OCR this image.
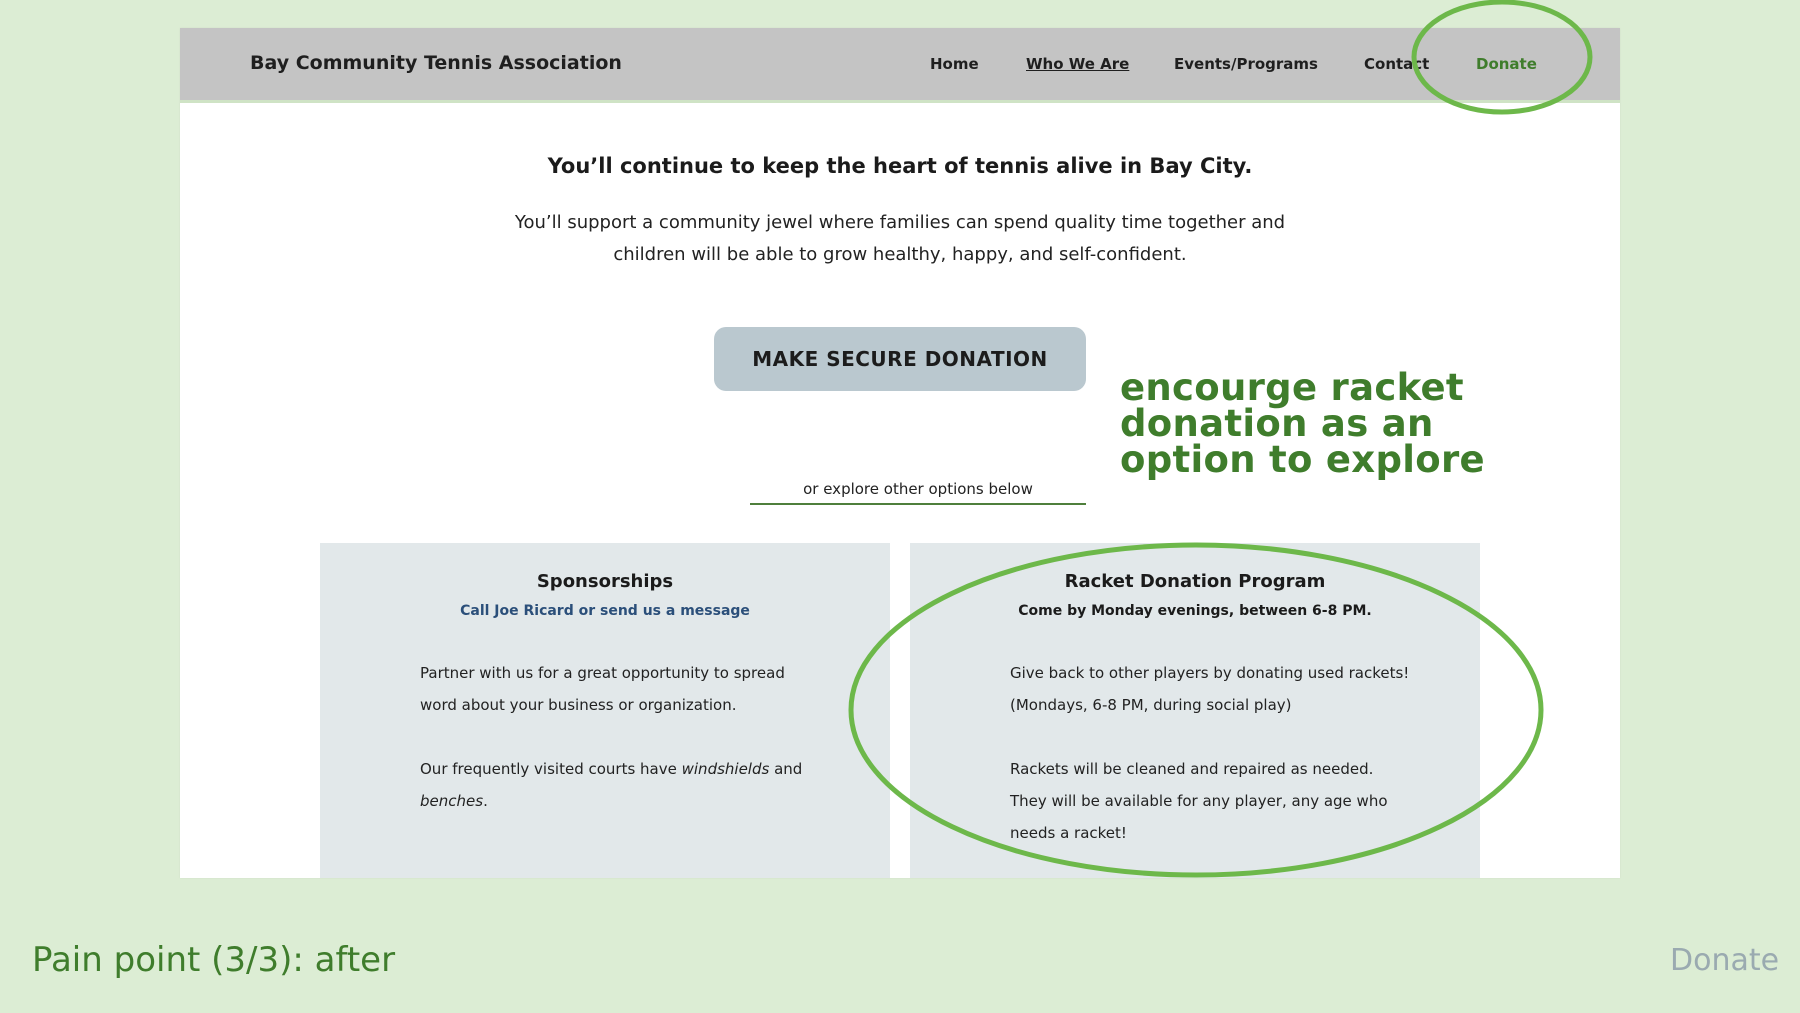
Bay Community Tennis Association	Home	Who We Are	Events/Programs	Contact	Donate
You’ll continue to keep the heart of tennis alive in Bay City.
You’ll support a community jewel where families can spend quality time together and children will be able to grow healthy, happy, and self-confident.
MAKE SECURE DONATION
or explore other options below
Sponsorships
Call Joe Ricard or send us a message

Partner with us for a great opportunity to spread word about your business or organization.

Our frequently visited courts have windshields and benches.

Racket Donation Program
Come by Monday evenings, between 6-8 PM.

Give back to other players by donating used rackets! (Mondays, 6-8 PM, during social play)

Rackets will be cleaned and repaired as needed. They will be available for any player, any age who needs a racket!

encourge racket donation as an option to explore
Pain point (3/3): after	Donate
